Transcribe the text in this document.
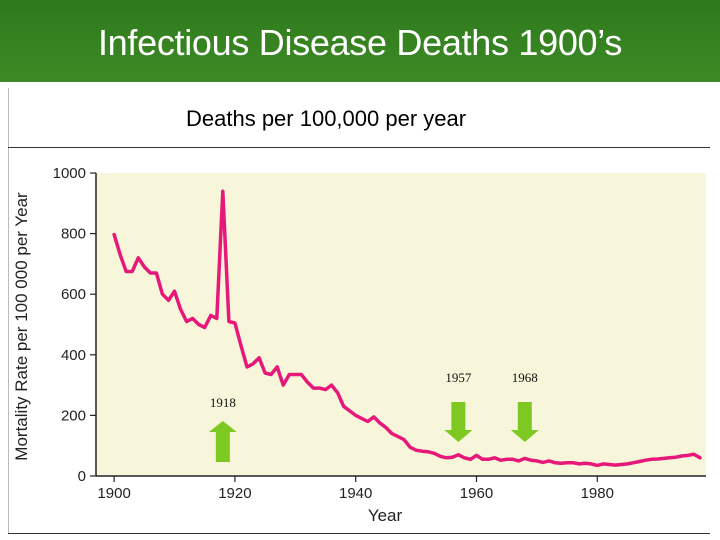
Infectious Disease Deaths 1900’s
Deaths per 100,000 per year
0
200
400
600
800
1000
1900	1920	1940	1960	1980
Year
Mortality Rate per 100 000 per Year	1918
1957	1968
